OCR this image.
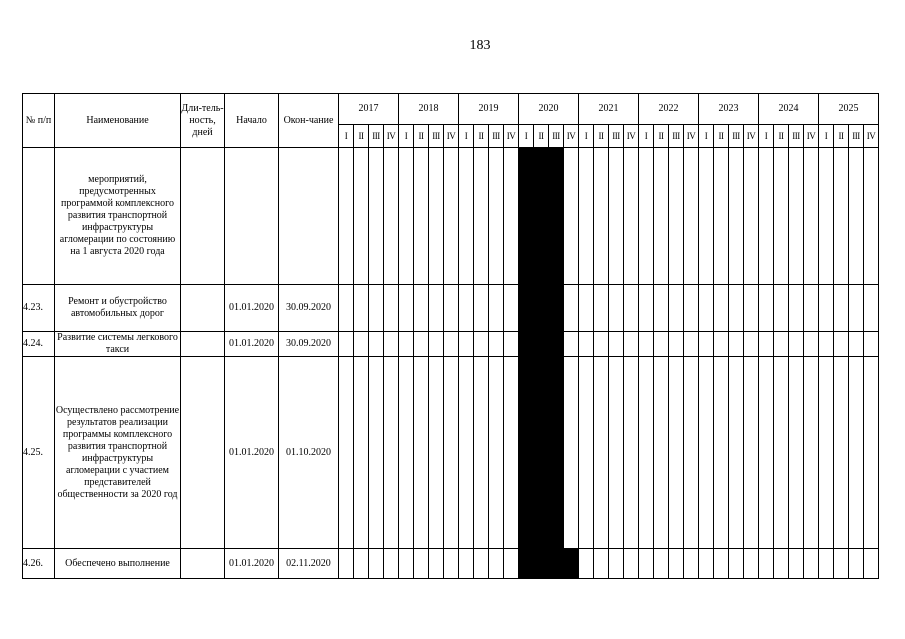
183
№ п/п	Наименование	Дли-тель-ность, дней	Начало	Окон-чание	2017				2018				2019				2020				2021				2022				2023				2024				2025			
					I	II	III	IV	I	II	III	IV	I	II	III	IV	I	II	III	IV	I	II	III	IV	I	II	III	IV	I	II	III	IV	I	II	III	IV	I	II	III	IV
	мероприятий, предусмотренных программой комплексного развития транспортной инфраструктуры агломерации по состоянию на 1 августа 2020 года																																							
4.23.	Ремонт и обустройство автомобильных дорог		01.01.2020	30.09.2020																																				
4.24.	Развитие системы легкового такси		01.01.2020	30.09.2020																																				
4.25.	Осуществлено рассмотрение результатов реализации программы комплексного развития транспортной инфраструктуры агломерации с участием представителей общественности за 2020 год		01.01.2020	01.10.2020																																				
4.26.	Обеспечено выполнение		01.01.2020	02.11.2020																																				
